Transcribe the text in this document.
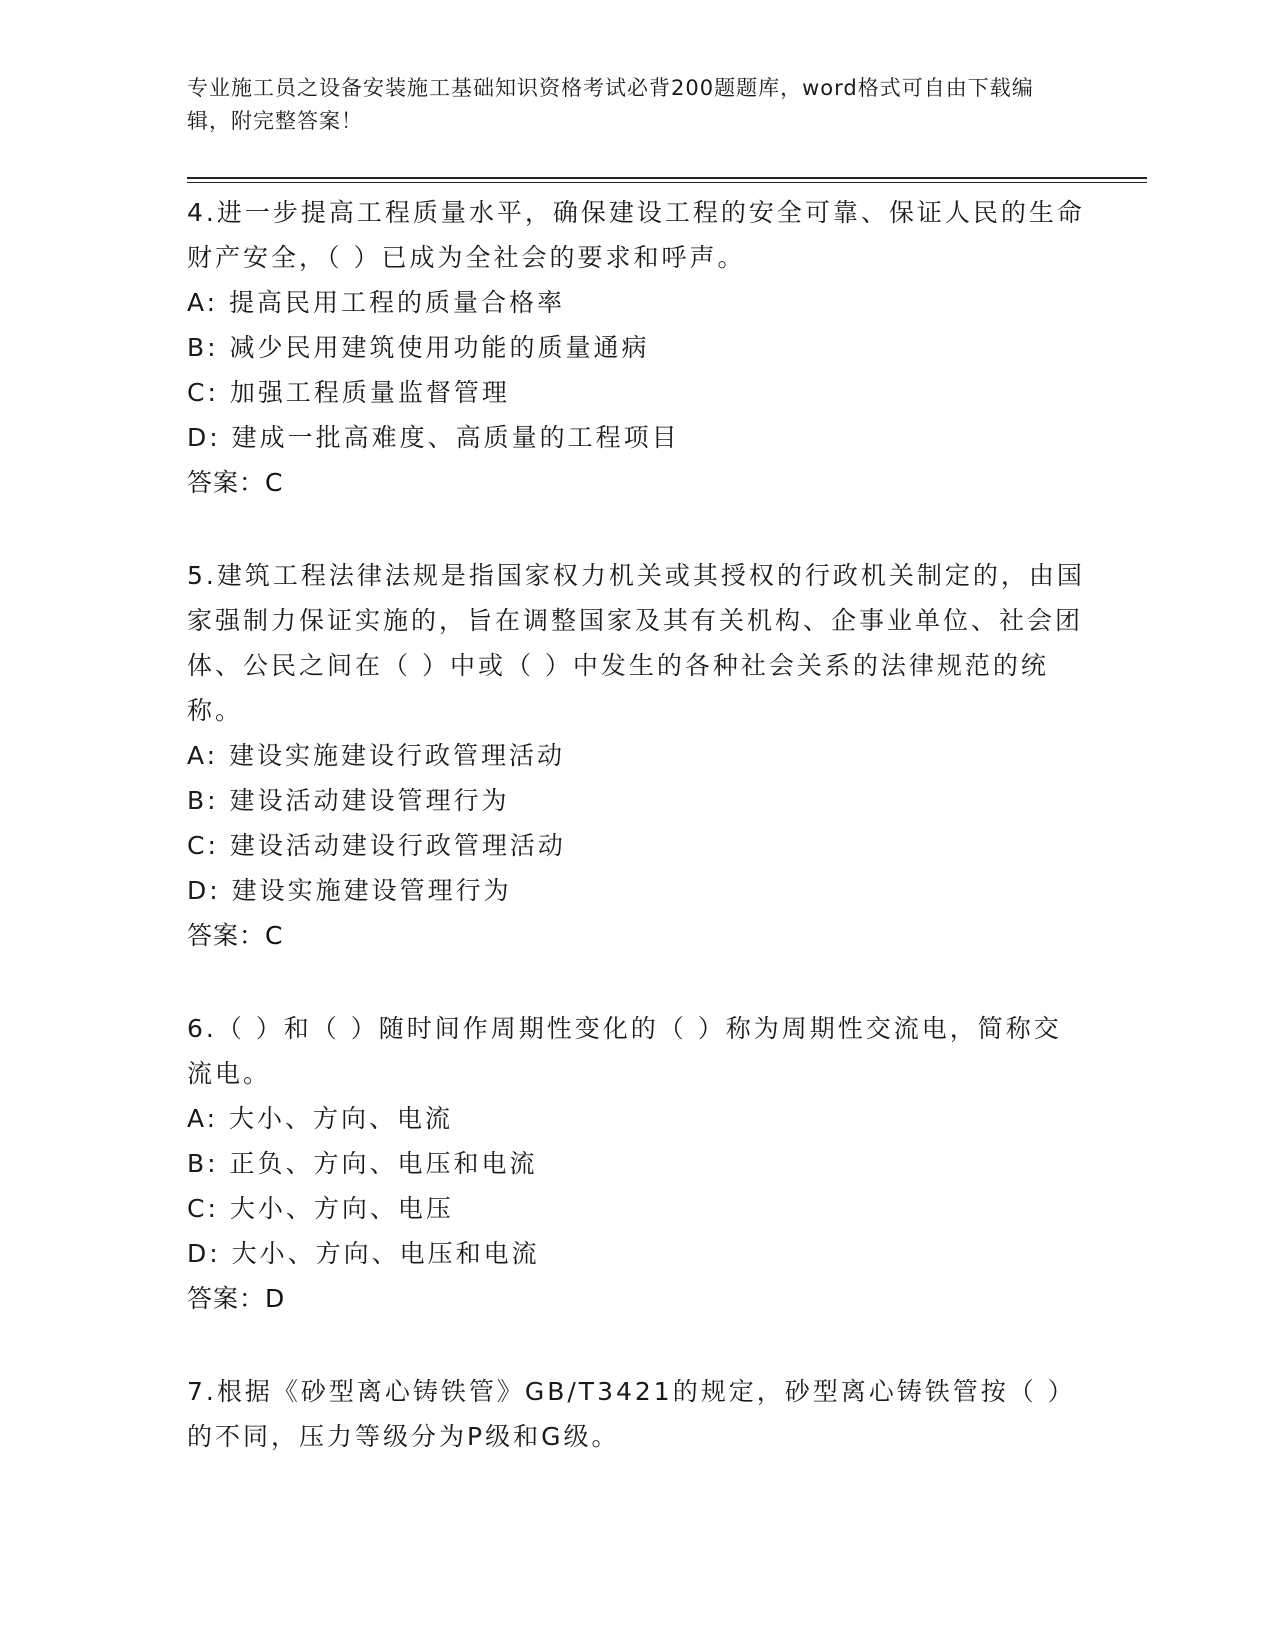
专业施工员之设备安装施工基础知识资格考试必背200题题库，word格式可自由下载编辑，附完整答案！
4.进一步提高工程质量水平，确保建设工程的安全可靠、保证人民的生命财产安全，（ ）已成为全社会的要求和呼声。
A: 提高民用工程的质量合格率
B: 减少民用建筑使用功能的质量通病
C: 加强工程质量监督管理
D: 建成一批高难度、高质量的工程项目
答案：C
5.建筑工程法律法规是指国家权力机关或其授权的行政机关制定的，由国家强制力保证实施的，旨在调整国家及其有关机构、企事业单位、社会团体、公民之间在（ ）中或（ ）中发生的各种社会关系的法律规范的统称。
A: 建设实施建设行政管理活动
B: 建设活动建设管理行为
C: 建设活动建设行政管理活动
D: 建设实施建设管理行为
答案：C
6.（ ）和（ ）随时间作周期性变化的（ ）称为周期性交流电，简称交流电。
A: 大小、方向、电流
B: 正负、方向、电压和电流
C: 大小、方向、电压
D: 大小、方向、电压和电流
答案：D
7.根据《砂型离心铸铁管》GB/T3421的规定，砂型离心铸铁管按（ ）的不同，压力等级分为P级和G级。
